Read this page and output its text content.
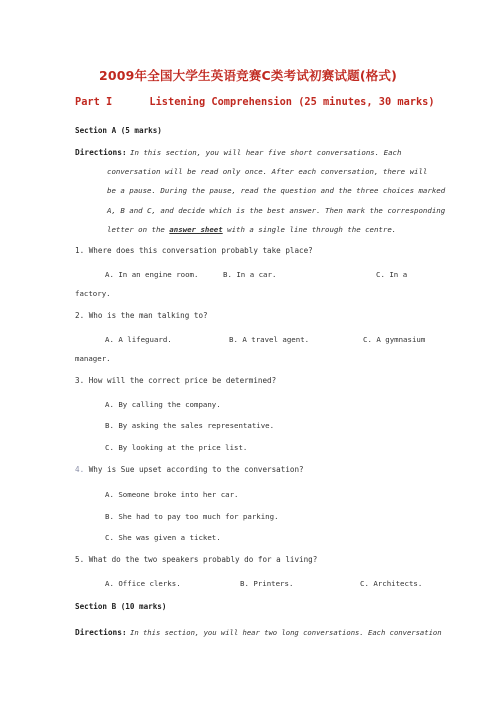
2009年全国大学生英语竞赛C类考试初赛试题(格式)
Part I	Listening Comprehension (25 minutes, 30 marks)
Section A (5 marks)
Directions: In this section, you will hear five short conversations. Each
conversation will be read only once. After each conversation, there will
be a pause. During the pause, read the question and the three choices marked
A, B and C, and decide which is the best answer. Then mark the corresponding
letter on the answer sheet with a single line through the centre.
1. Where does this conversation probably take place?
A. In an engine room.	B. In a car.	C. In a
factory.
2. Who is the man talking to?
A. A lifeguard.	B. A travel agent.	C. A gymnasium
manager.
3. How will the correct price be determined?
A. By calling the company.
B. By asking the sales representative.
C. By looking at the price list.
4. Why is Sue upset according to the conversation?
A. Someone broke into her car.
B. She had to pay too much for parking.
C. She was given a ticket.
5. What do the two speakers probably do for a living?
A. Office clerks.	B. Printers.	C. Architects.
Section B (10 marks)
Directions: In this section, you will hear two long conversations. Each conversation
